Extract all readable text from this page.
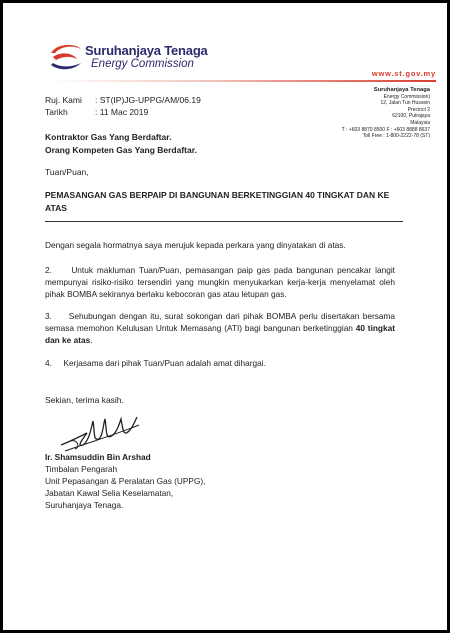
Suruhanjaya Tenaga
Energy Commission
www.st.gov.my
Suruhanjaya Tenaga
Energy Commission)
12, Jalan Tun Hussein
Precinct 2
62100, Putrajaya
Malaysia
T : +603 8870 8500 F : +603 8888 8637
Toll Free : 1-800-2222-78 (ST)
Ruj. Kami	: ST(IP)JG-UPPG/AM/06.19
Tarikh	: 11 Mac 2019
Kontraktor Gas Yang Berdaftar.
Orang Kompeten Gas Yang Berdaftar.
Tuan/Puan,
PEMASANGAN GAS BERPAIP DI BANGUNAN BERKETINGGIAN 40 TINGKAT DAN KE ATAS
Dengan segala hormatnya saya merujuk kepada perkara yang dinyatakan di atas.
2.     Untuk makluman Tuan/Puan, pemasangan paip gas pada bangunan pencakar langit mempunyai risiko-risiko tersendiri yang mungkin menyukarkan kerja-kerja menyelamat oleh pihak BOMBA sekiranya berlaku kebocoran gas atau letupan gas.
3.     Sehubungan dengan itu, surat sokongan dari pihak BOMBA perlu disertakan bersama semasa memohon Kelulusan Untuk Memasang (ATI) bagi bangunan berketinggian 40 tingkat dan ke atas.
4.     Kerjasama dari pihak Tuan/Puan adalah amat dihargai.
Sekian, terima kasih.
Ir. Shamsuddin Bin Arshad
Timbalan Pengarah
Unit Pepasangan & Peralatan Gas (UPPG),
Jabatan Kawal Selia Keselamatan,
Suruhanjaya Tenaga.
